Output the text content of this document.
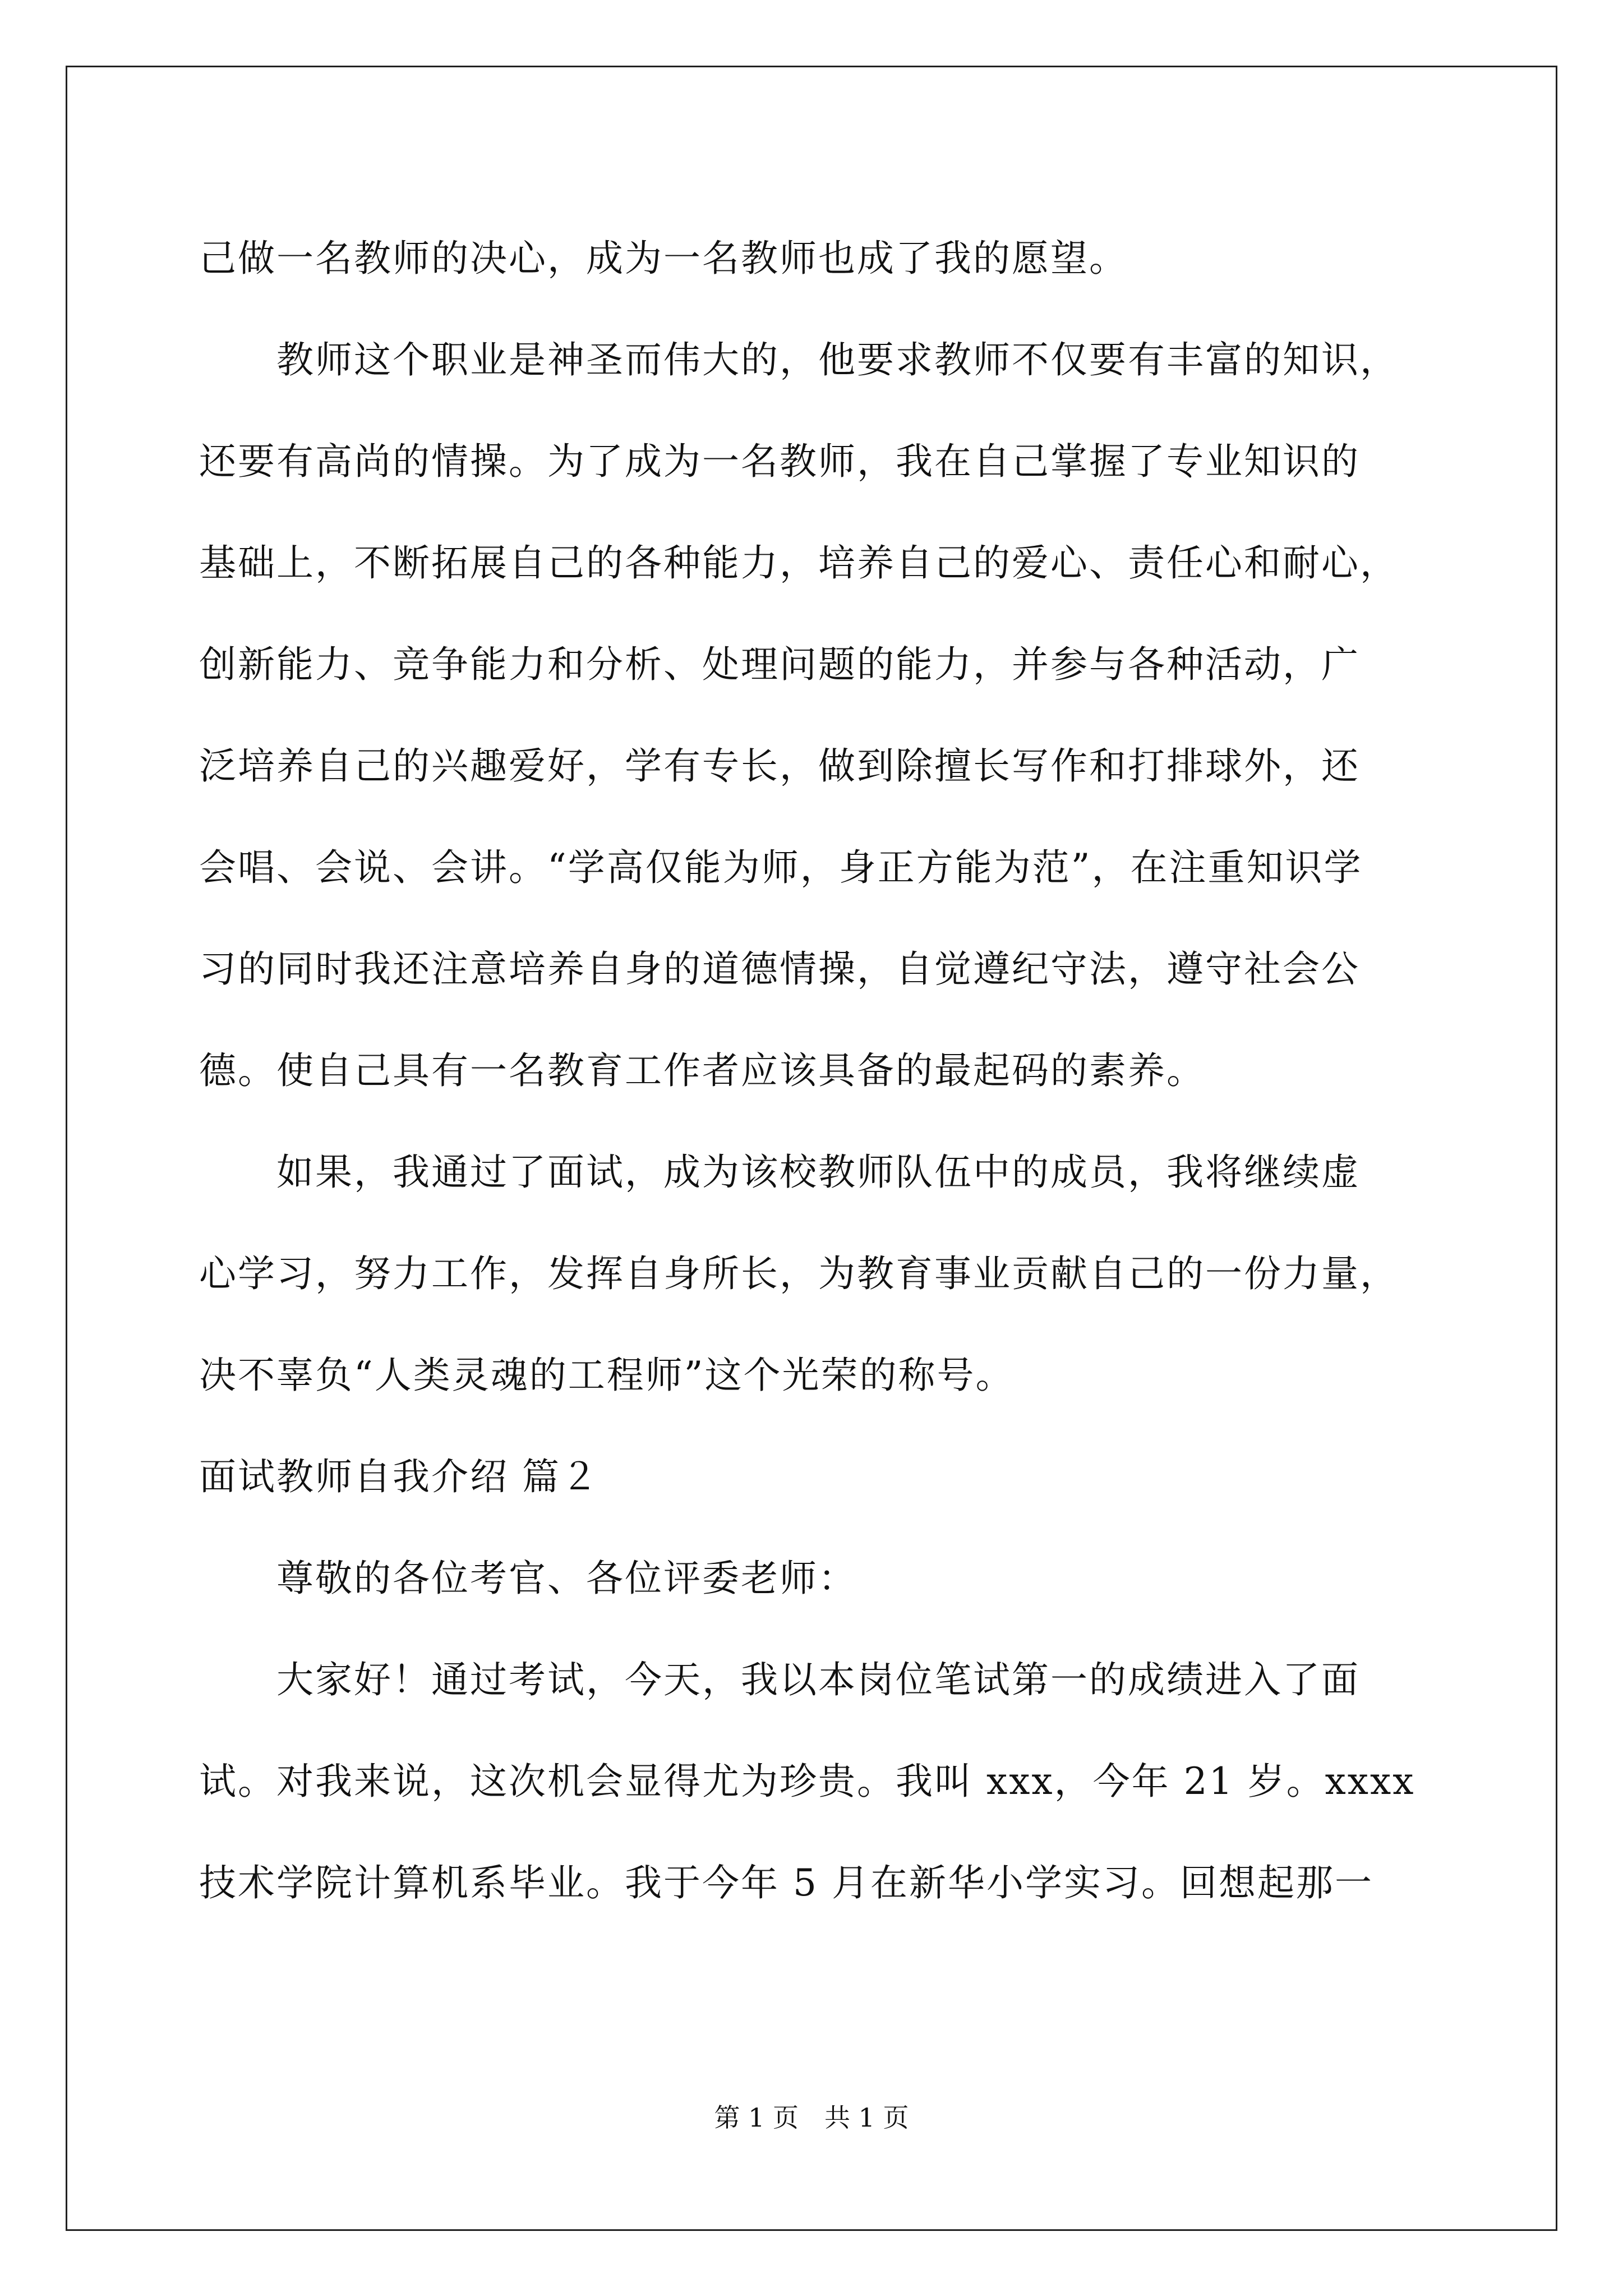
己做一名教师的决心，成为一名教师也成了我的愿望。
　　教师这个职业是神圣而伟大的，他要求教师不仅要有丰富的知识，
还要有高尚的情操。为了成为一名教师，我在自己掌握了专业知识的
基础上，不断拓展自己的各种能力，培养自己的爱心、责任心和耐心，
创新能力、竞争能力和分析、处理问题的能力，并参与各种活动，广
泛培养自己的兴趣爱好，学有专长，做到除擅长写作和打排球外，还
会唱、会说、会讲。“学高仅能为师，身正方能为范”，在注重知识学
习的同时我还注意培养自身的道德情操，自觉遵纪守法，遵守社会公
德。使自己具有一名教育工作者应该具备的最起码的素养。
　　如果，我通过了面试，成为该校教师队伍中的成员，我将继续虚
心学习，努力工作，发挥自身所长，为教育事业贡献自己的一份力量，
决不辜负“人类灵魂的工程师”这个光荣的称号。
面试教师自我介绍 篇２
　　尊敬的各位考官、各位评委老师：
　　大家好！通过考试，今天，我以本岗位笔试第一的成绩进入了面
试。对我来说，这次机会显得尤为珍贵。我叫 xxx，今年 21 岁。xxxx
技术学院计算机系毕业。我于今年 5 月在新华小学实习。回想起那一
第 1 页　共 1 页
